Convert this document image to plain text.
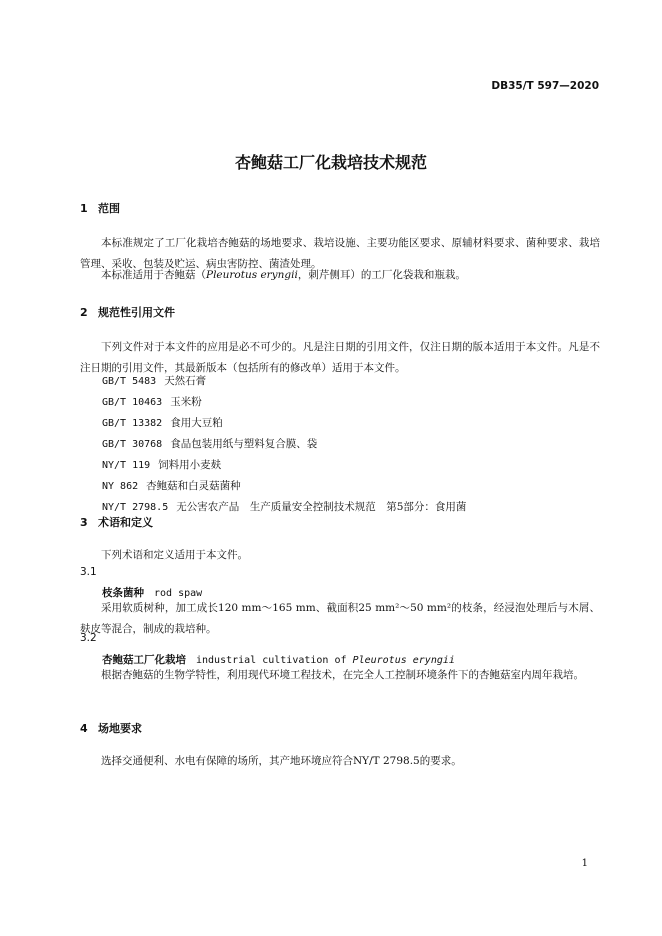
DB35/T 597—2020
杏鲍菇工厂化栽培技术规范
1 范围
本标准规定了工厂化栽培杏鲍菇的场地要求、栽培设施、主要功能区要求、原辅材料要求、菌种要求、栽培管理、采收、包装及贮运、病虫害防控、菌渣处理。
本标准适用于杏鲍菇（Pleurotus eryngii，刺芹侧耳）的工厂化袋栽和瓶栽。
2 规范性引用文件
下列文件对于本文件的应用是必不可少的。凡是注日期的引用文件，仅注日期的版本适用于本文件。凡是不注日期的引用文件，其最新版本（包括所有的修改单）适用于本文件。
GB/T 5483 天然石膏
GB/T 10463 玉米粉
GB/T 13382 食用大豆粕
GB/T 30768 食品包装用纸与塑料复合膜、袋
NY/T 119 饲料用小麦麸
NY 862 杏鲍菇和白灵菇菌种
NY/T 2798.5 无公害农产品　生产质量安全控制技术规范　第5部分：食用菌
3 术语和定义
下列术语和定义适用于本文件。
3.1
枝条菌种 rod spaw
采用软质树种，加工成长120 mm～165 mm、截面积25 mm²～50 mm²的枝条，经浸泡处理后与木屑、麸皮等混合，制成的栽培种。
3.2
杏鲍菇工厂化栽培 industrial cultivation of Pleurotus eryngii
根据杏鲍菇的生物学特性，利用现代环境工程技术，在完全人工控制环境条件下的杏鲍菇室内周年栽培。
4 场地要求
选择交通便利、水电有保障的场所，其产地环境应符合NY/T 2798.5的要求。
1
